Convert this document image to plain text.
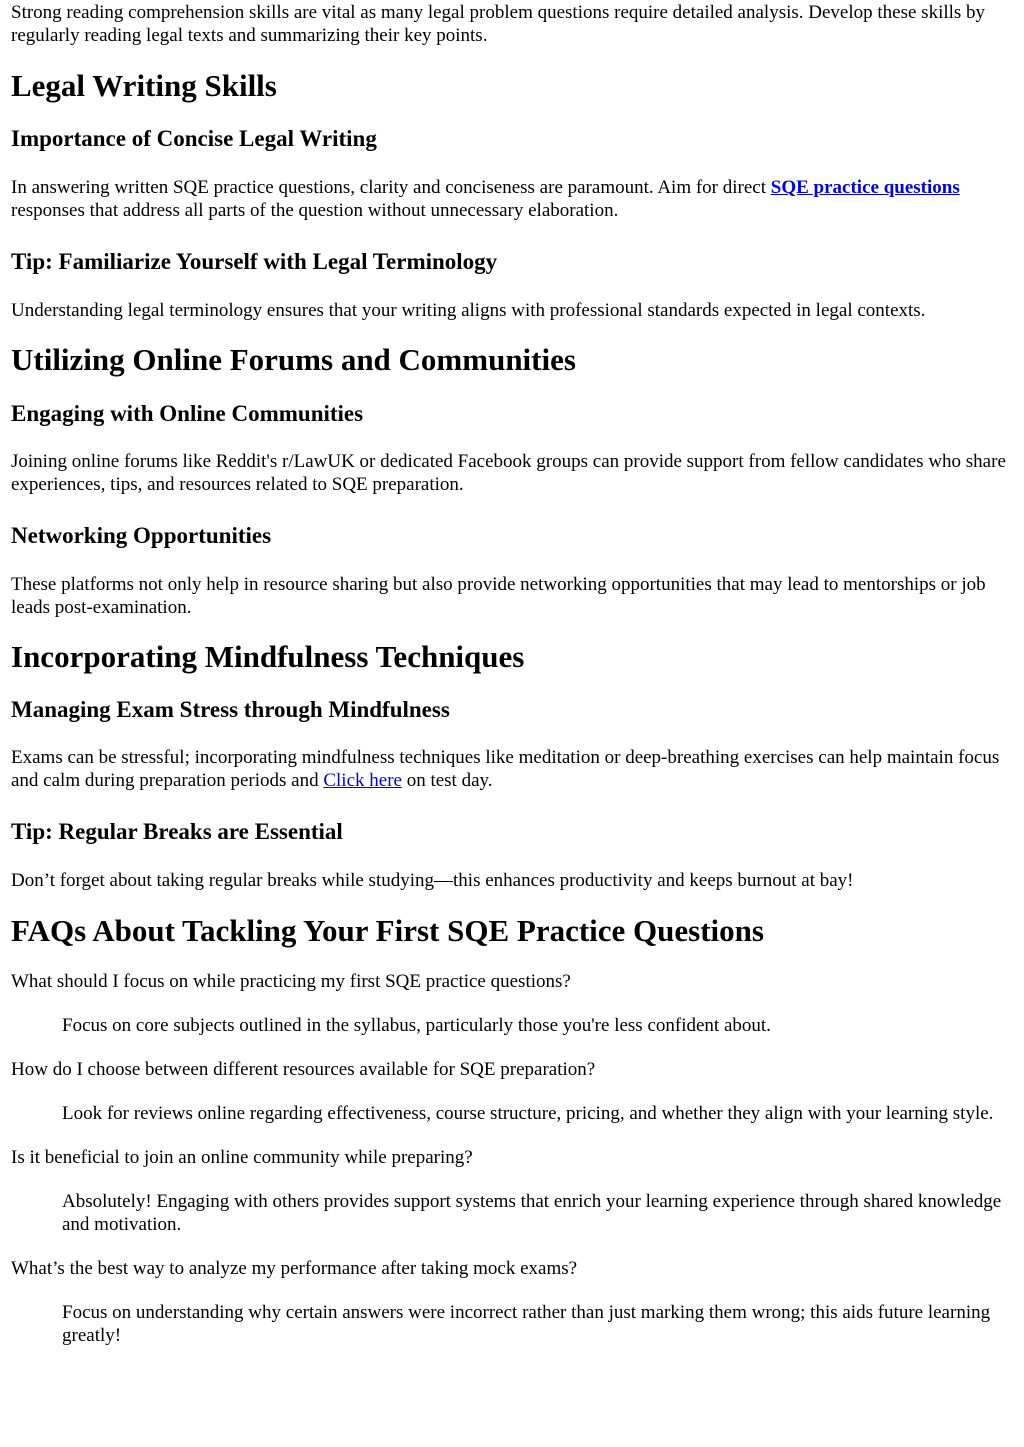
Strong reading comprehension skills are vital as many legal problem questions require detailed analysis. Develop these skills by regularly reading legal texts and summarizing their key points.

Legal Writing Skills
Importance of Concise Legal Writing

In answering written SQE practice questions, clarity and conciseness are paramount. Aim for direct SQE practice questions responses that address all parts of the question without unnecessary elaboration.

Tip: Familiarize Yourself with Legal Terminology

Understanding legal terminology ensures that your writing aligns with professional standards expected in legal contexts.

Utilizing Online Forums and Communities
Engaging with Online Communities

Joining online forums like Reddit's r/LawUK or dedicated Facebook groups can provide support from fellow candidates who share experiences, tips, and resources related to SQE preparation.

Networking Opportunities

These platforms not only help in resource sharing but also provide networking opportunities that may lead to mentorships or job leads post-examination.

Incorporating Mindfulness Techniques
Managing Exam Stress through Mindfulness

Exams can be stressful; incorporating mindfulness techniques like meditation or deep-breathing exercises can help maintain focus and calm during preparation periods and Click here on test day.

Tip: Regular Breaks are Essential

Don’t forget about taking regular breaks while studying—this enhances productivity and keeps burnout at bay!

FAQs About Tackling Your First SQE Practice Questions
What should I focus on while practicing my first SQE practice questions?
Focus on core subjects outlined in the syllabus, particularly those you're less confident about.
How do I choose between different resources available for SQE preparation?
Look for reviews online regarding effectiveness, course structure, pricing, and whether they align with your learning style.
Is it beneficial to join an online community while preparing?
Absolutely! Engaging with others provides support systems that enrich your learning experience through shared knowledge and motivation.
What’s the best way to analyze my performance after taking mock exams?
Focus on understanding why certain answers were incorrect rather than just marking them wrong; this aids future learning greatly!
